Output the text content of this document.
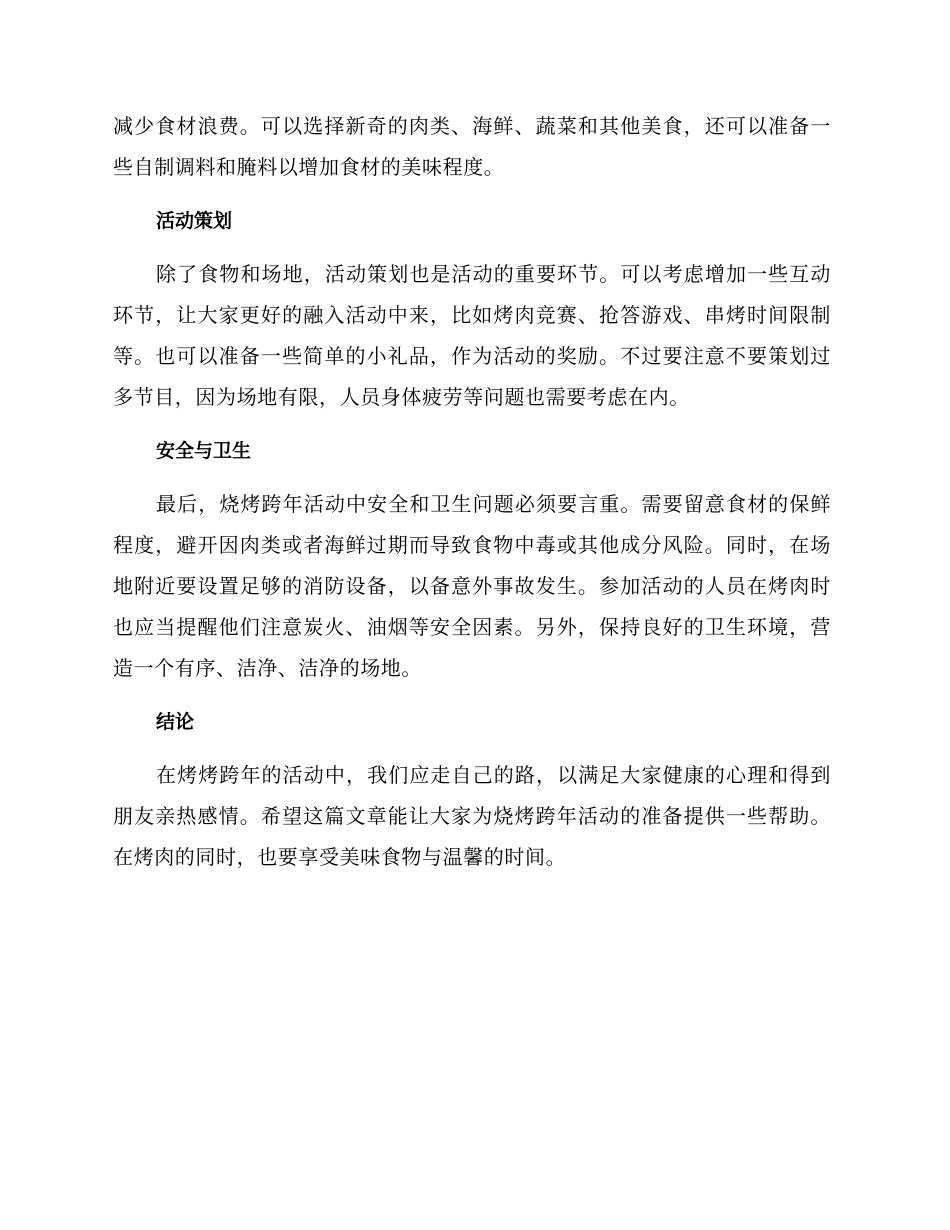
减少食材浪费。可以选择新奇的肉类、海鲜、蔬菜和其他美食，还可以准备一些自制调料和腌料以增加食材的美味程度。

活动策划

除了食物和场地，活动策划也是活动的重要环节。可以考虑增加一些互动环节，让大家更好的融入活动中来，比如烤肉竞赛、抢答游戏、串烤时间限制等。也可以准备一些简单的小礼品，作为活动的奖励。不过要注意不要策划过多节目，因为场地有限，人员身体疲劳等问题也需要考虑在内。

安全与卫生

最后，烧烤跨年活动中安全和卫生问题必须要言重。需要留意食材的保鲜程度，避开因肉类或者海鲜过期而导致食物中毒或其他成分风险。同时，在场地附近要设置足够的消防设备，以备意外事故发生。参加活动的人员在烤肉时也应当提醒他们注意炭火、油烟等安全因素。另外，保持良好的卫生环境，营造一个有序、洁净、洁净的场地。

结论

在烤烤跨年的活动中，我们应走自己的路，以满足大家健康的心理和得到朋友亲热感情。希望这篇文章能让大家为烧烤跨年活动的准备提供一些帮助。在烤肉的同时，也要享受美味食物与温馨的时间。
